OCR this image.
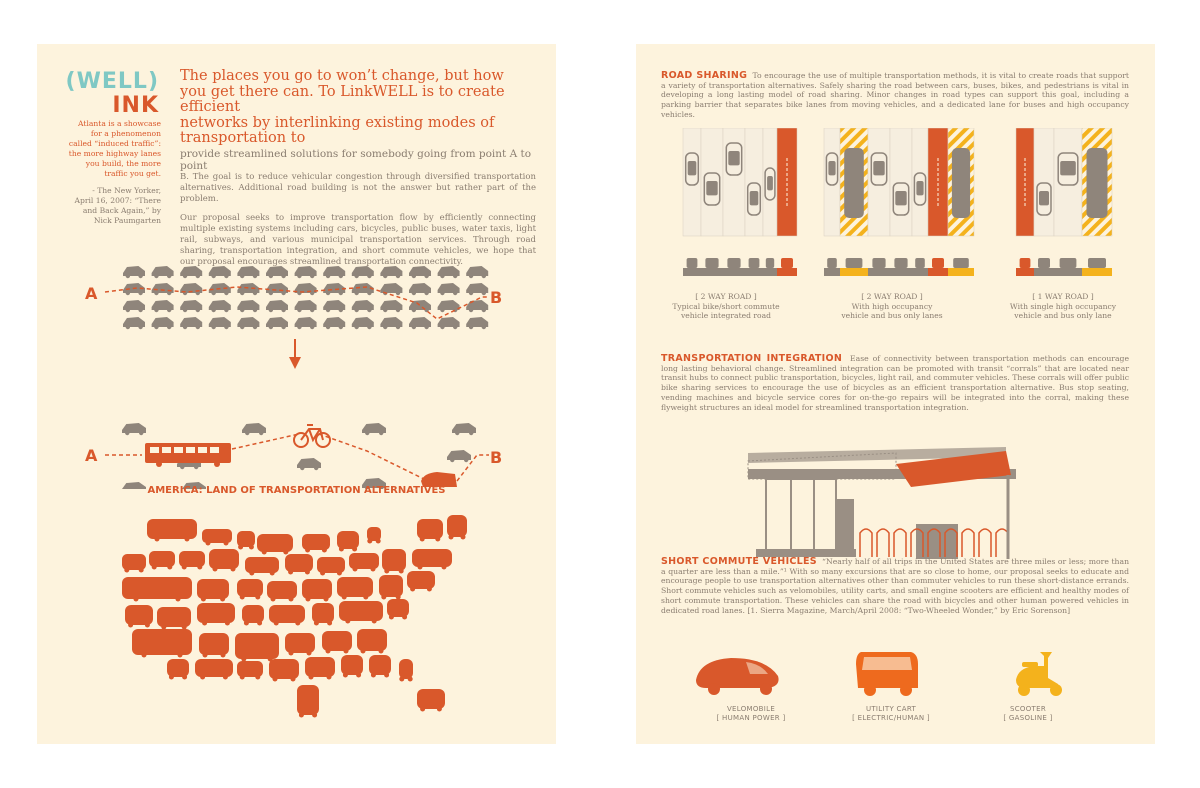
(WELL)
INK
Atlanta is a showcase
for a phenomenon
called “induced traffic”:
the more highway lanes
you build, the more
traffic you get.
- The New Yorker,
April 16, 2007: “There
and Back Again,” by
Nick Paumgarten
The places you go to won’t change, but how
you get there can. To LinkWELL is to create efficient
networks by interlinking existing modes of transportation to
provide streamlined solutions for somebody going from point A to point
B. The goal is to reduce vehicular congestion through diversified transportation alternatives. Additional road building is not the answer but rather part of the problem.
Our proposal seeks to improve transportation flow by efficiently connecting multiple existing systems including cars, bicycles, public buses, water taxis, light rail, subways, and various municipal transportation services. Through road sharing, transportation integration, and short commute vehicles, we hope that our proposal encourages streamlined transportation connectivity.
A	B
A	B
AMERICA: LAND OF TRANSPORTATION ALTERNATIVES
ROAD SHARING To encourage the use of multiple transportation methods, it is vital to create roads that support a variety of transportation alternatives. Safely sharing the road between cars, buses, bikes, and pedestrians is vital in developing a long lasting model of road sharing. Minor changes in road types can support this goal, including a parking barrier that separates bike lanes from moving vehicles, and a dedicated lane for buses and high occupancy vehicles.
[ 2 WAY ROAD ]
Typical bike/short commute
vehicle integrated road
[ 2 WAY ROAD ]
With high occupancy
vehicle and bus only lanes
[ 1 WAY ROAD ]
With single high occupancy
vehicle and bus only lane
TRANSPORTATION INTEGRATION Ease of connectivity between transportation methods can encourage long lasting behavioral change. Streamlined integration can be promoted with transit “corrals” that are located near transit hubs to connect public transportation, bicycles, light rail, and commuter vehicles. These corrals will offer public bike sharing services to encourage the use of bicycles as an efficient transportation alternative. Bus stop seating, vending machines and bicycle service cores for on-the-go repairs will be integrated into the corral, making these flyweight structures an ideal model for streamlined transportation integration.
SHORT COMMUTE VEHICLES “Nearly half of all trips in the United States are three miles or less; more than a quarter are less than a mile.”¹ With so many excursions that are so close to home, our proposal seeks to educate and encourage people to use transportation alternatives other than commuter vehicles to run these short-distance errands. Short commute vehicles such as velomobiles, utility carts, and small engine scooters are efficient and healthy modes of short commute transportation. These vehicles can share the road with bicycles and other human powered vehicles in dedicated road lanes. [1. Sierra Magazine, March/April 2008: “Two-Wheeled Wonder,” by Eric Sorenson]
VELOMOBILE
[ HUMAN POWER ]
UTILITY CART
[ ELECTRIC/HUMAN ]
SCOOTER
[ GASOLINE ]
